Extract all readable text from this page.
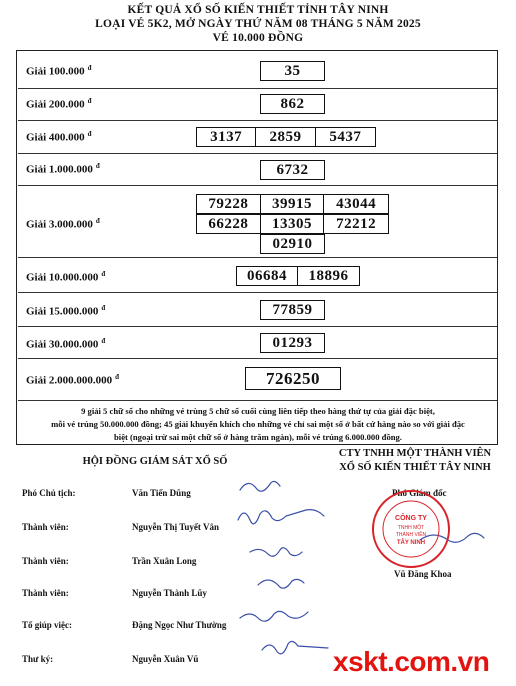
KẾT QUẢ XỔ SỐ KIẾN THIẾT TỈNH TÂY NINH
LOẠI VÉ 5K2, MỞ NGÀY THỨ NĂM 08 THÁNG 5 NĂM 2025
VÉ 10.000 ĐỒNG
Giải 100.000 $^đ$	35
Giải 200.000 $^đ$	862
Giải 400.000 $^đ$	3137	2859	5437
Giải 1.000.000 $^đ$	6732
Giải 3.000.000 $^đ$
79228	39915	43044
66228	13305	72212
02910
Giải 10.000.000 $^đ$	06684	18896
Giải 15.000.000 $^đ$	77859
Giải 30.000.000 $^đ$	01293
Giải 2.000.000.000 $^đ$	726250
9 giải 5 chữ số cho những vé trùng 5 chữ số cuối cùng liên tiếp theo hàng thứ tự của giải đặc biệt,
mỗi vé trúng 50.000.000 đồng; 45 giải khuyến khích cho những vé chỉ sai một số ở bất cứ hàng nào so với giải đặc
biệt (ngoại trừ sai một chữ số ở hàng trăm ngàn), mỗi vé trúng 6.000.000 đồng.
HỘI ĐỒNG GIÁM SÁT XỔ SỐ
CTY TNHH MỘT THÀNH VIÊN
XỔ SỐ KIẾN THIẾT TÂY NINH
Phó Chủ tịch:	Văn Tiến Dũng
Thành viên:	Nguyễn Thị Tuyết Vân
Thành viên:	Trần Xuân Long
Thành viên:	Nguyễn Thành Lũy
Tổ giúp việc:	Đặng Ngọc Như Thường
Thư ký:	Nguyễn Xuân Vũ
Phó Giám đốc
Vũ Đăng Khoa
CÔNG TY
TNHH MỘT
THÀNH VIÊN
TÂY NINH
xskt.com.vn
